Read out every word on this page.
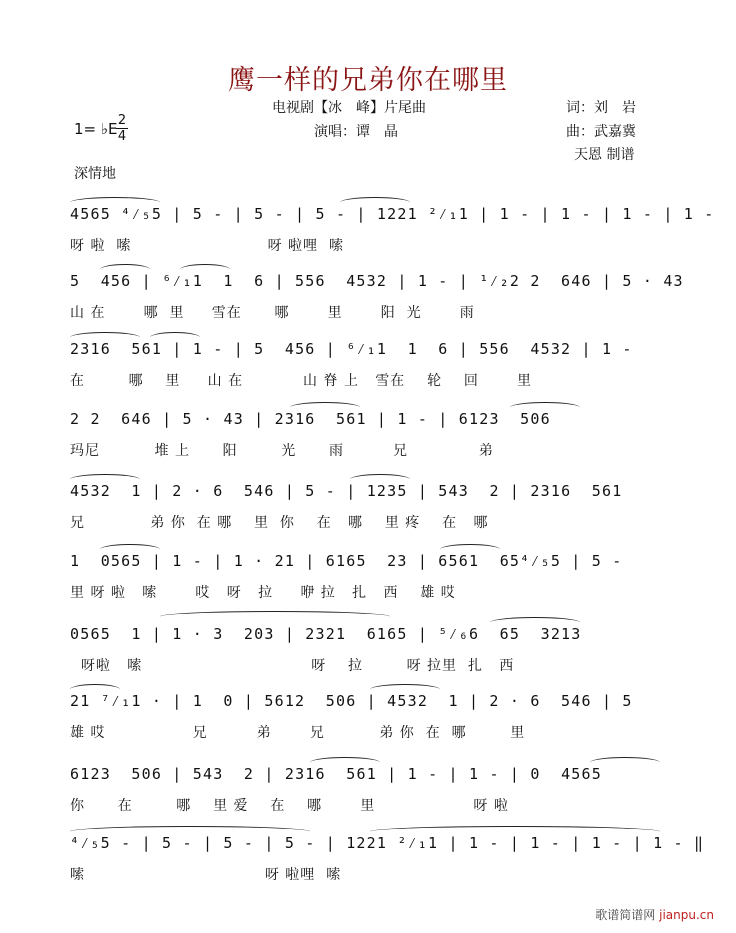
鹰一样的兄弟你在哪里
电视剧【冰　峰】片尾曲	词：刘　岩
1= ♭E 2
4	演唱：谭　晶	曲：武嘉冀
天恩 制谱
深情地
4565 ⁴⁄₅5 | 5 - | 5 - | 5 - | 1221 ²⁄₁1 | 1 - | 1 - | 1 - | 1 -
呀 啦  嗦                         呀 啦哩  嗦
5  456 | ⁶⁄₁1  1  6 | 556  4532 | 1 - | ¹⁄₂2 2  646 | 5 · 43
山 在       哪  里     雪在      哪       里       阳  光       雨
2316  561 | 1 - | 5  456 | ⁶⁄₁1  1  6 | 556  4532 | 1 -
在        哪    里     山 在           山 脊 上   雪在    轮    回       里
2 2  646 | 5 · 43 | 2316  561 | 1 - | 6123  506
玛尼          堆 上      阳        光      雨         兄             弟
4532  1 | 2 · 6  546 | 5 - | 1235 | 543  2 | 2316  561
兄            弟 你  在 哪    里  你    在   哪    里 疼    在   哪
1  0565 | 1 - | 1 · 21 | 6165  23 | 6561  65⁴⁄₅5 | 5 -
里 呀 啦   嗦       哎   呀   拉     咿 拉   扎   西    雄 哎
0565  1 | 1 · 3  203 | 2321  6165 | ⁵⁄₆6  65  3213
呀啦   嗦                               呀    拉        呀 拉里  扎   西
21 ⁷⁄₁1 · | 1  0 | 5612  506 | 4532  1 | 2 · 6  546 | 5
雄 哎                兄         弟       兄          弟 你  在  哪        里
6123  506 | 543  2 | 2316  561 | 1 - | 1 - | 0  4565
你      在        哪    里 爱    在    哪       里                  呀 啦
⁴⁄₅5 - | 5 - | 5 - | 5 - | 1221 ²⁄₁1 | 1 - | 1 - | 1 - | 1 - ‖
嗦                                 呀 啦哩  嗦
歌谱简谱网 jianpu.cn
